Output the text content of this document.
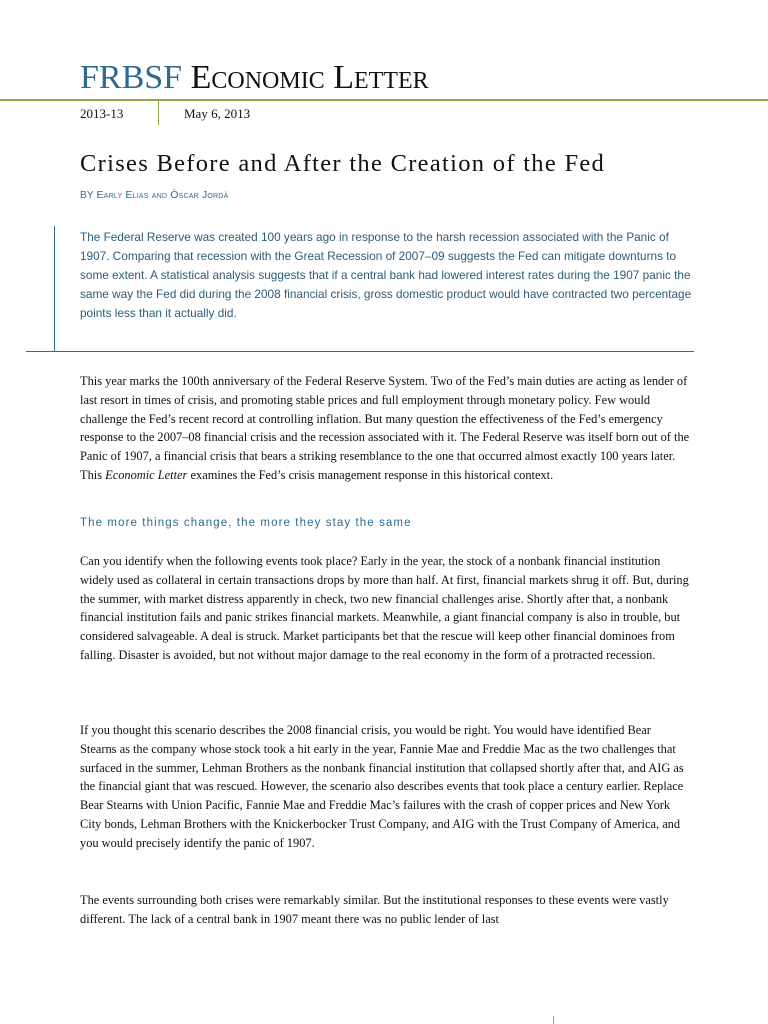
FRBSF Economic Letter
2013-13	May 6, 2013
Crises Before and After the Creation of the Fed
BY Early Elias and Òscar Jordà

The Federal Reserve was created 100 years ago in response to the harsh recession associated with the Panic of 1907. Comparing that recession with the Great Recession of 2007–09 suggests the Fed can mitigate downturns to some extent. A statistical analysis suggests that if a central bank had lowered interest rates during the 1907 panic the same way the Fed did during the 2008 financial crisis, gross domestic product would have contracted two percentage points less than it actually did.

This year marks the 100th anniversary of the Federal Reserve System. Two of the Fed’s main duties are acting as lender of last resort in times of crisis, and promoting stable prices and full employment through monetary policy. Few would challenge the Fed’s recent record at controlling inflation. But many question the effectiveness of the Fed’s emergency response to the 2007–08 financial crisis and the recession associated with it. The Federal Reserve was itself born out of the Panic of 1907, a financial crisis that bears a striking resemblance to the one that occurred almost exactly 100 years later. This Economic Letter examines the Fed’s crisis management response in this historical context.

The more things change, the more they stay the same

Can you identify when the following events took place? Early in the year, the stock of a nonbank financial institution widely used as collateral in certain transactions drops by more than half. At first, financial markets shrug it off. But, during the summer, with market distress apparently in check, two new financial challenges arise. Shortly after that, a nonbank financial institution fails and panic strikes financial markets. Meanwhile, a giant financial company is also in trouble, but considered salvageable. A deal is struck. Market participants bet that the rescue will keep other financial dominoes from falling. Disaster is avoided, but not without major damage to the real economy in the form of a protracted recession.

If you thought this scenario describes the 2008 financial crisis, you would be right. You would have identified Bear Stearns as the company whose stock took a hit early in the year, Fannie Mae and Freddie Mac as the two challenges that surfaced in the summer, Lehman Brothers as the nonbank financial institution that collapsed shortly after that, and AIG as the financial giant that was rescued. However, the scenario also describes events that took place a century earlier. Replace Bear Stearns with Union Pacific, Fannie Mae and Freddie Mac’s failures with the crash of copper prices and New York City bonds, Lehman Brothers with the Knickerbocker Trust Company, and AIG with the Trust Company of America, and you would precisely identify the panic of 1907.

The events surrounding both crises were remarkably similar. But the institutional responses to these events were vastly different. The lack of a central bank in 1907 meant there was no public lender of last
